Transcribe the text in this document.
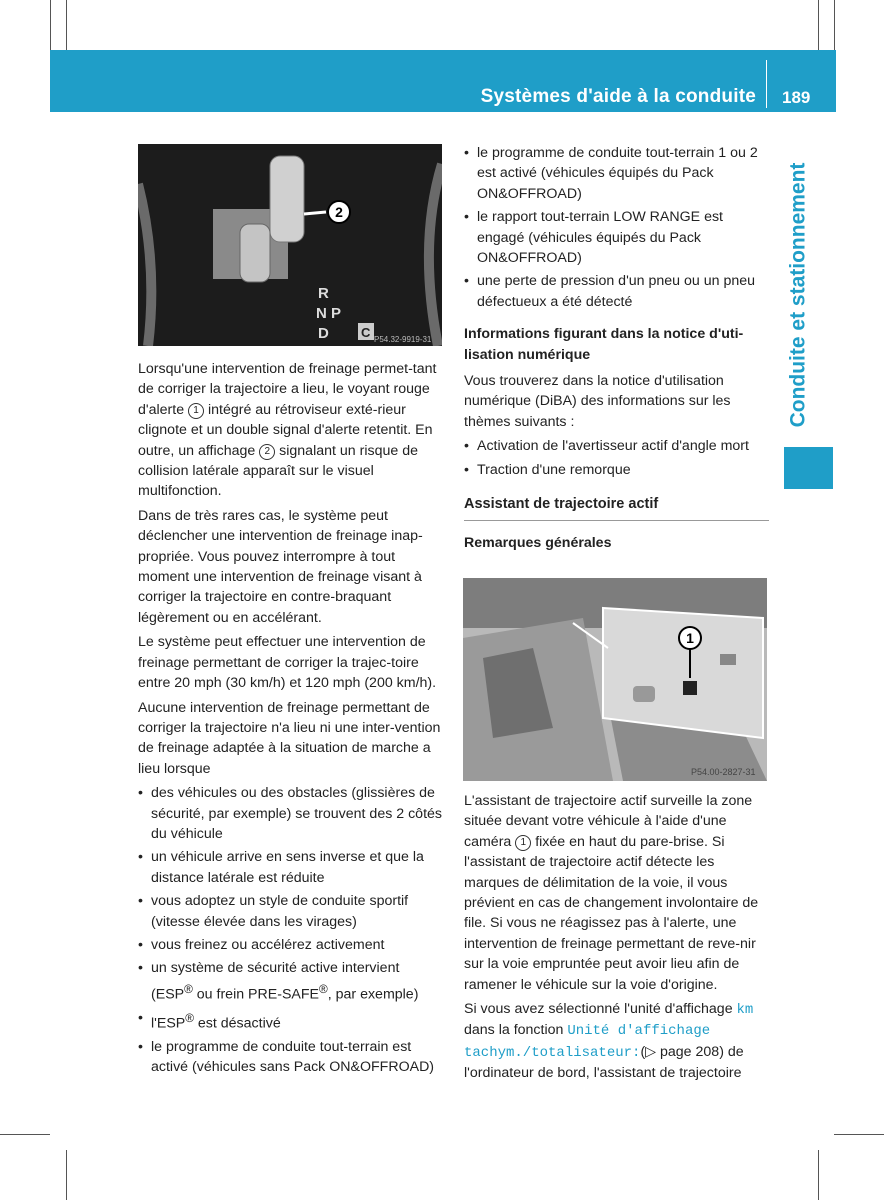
Systèmes d'aide à la conduite 189
Conduite et stationnement
2
R
N P
D C P54.32-9919-31
1
P54.00-2827-31

Lorsqu'une intervention de freinage permet-tant de corriger la trajectoire a lieu, le voyant rouge d'alerte 1 intégré au rétroviseur exté-rieur clignote et un double signal d'alerte retentit. En outre, un affichage 2 signalant un risque de collision latérale apparaît sur le visuel multifonction.

Dans de très rares cas, le système peut déclencher une intervention de freinage inap-propriée. Vous pouvez interrompre à tout moment une intervention de freinage visant à corriger la trajectoire en contre-braquant légèrement ou en accélérant.

Le système peut effectuer une intervention de freinage permettant de corriger la trajec-toire entre 20 mph (30 km/h) et 120 mph (200 km/h).

Aucune intervention de freinage permettant de corriger la trajectoire n'a lieu ni une inter-vention de freinage adaptée à la situation de marche a lieu lorsque

• des véhicules ou des obstacles (glissières de sécurité, par exemple) se trouvent des 2 côtés du véhicule
• un véhicule arrive en sens inverse et que la distance latérale est réduite
• vous adoptez un style de conduite sportif (vitesse élevée dans les virages)
• vous freinez ou accélérez activement
• un système de sécurité active intervient (ESP® ou frein PRE-SAFE®, par exemple)
• l'ESP® est désactivé
• le programme de conduite tout-terrain est activé (véhicules sans Pack ON&OFFROAD)
• le programme de conduite tout-terrain 1 ou 2 est activé (véhicules équipés du Pack ON&OFFROAD)
• le rapport tout-terrain LOW RANGE est engagé (véhicules équipés du Pack ON&OFFROAD)
• une perte de pression d'un pneu ou un pneu défectueux a été détecté
Informations figurant dans la notice d'uti-lisation numérique

Vous trouverez dans la notice d'utilisation numérique (DiBA) des informations sur les thèmes suivants :

• Activation de l'avertisseur actif d'angle mort
• Traction d'une remorque
Assistant de trajectoire actif
Remarques générales

L'assistant de trajectoire actif surveille la zone située devant votre véhicule à l'aide d'une caméra 1 fixée en haut du pare-brise. Si l'assistant de trajectoire actif détecte les marques de délimitation de la voie, il vous prévient en cas de changement involontaire de file. Si vous ne réagissez pas à l'alerte, une intervention de freinage permettant de reve-nir sur la voie empruntée peut avoir lieu afin de ramener le véhicule sur la voie d'origine.

Si vous avez sélectionné l'unité d'affichage km dans la fonction Unité d'affichage tachym./totalisateur:(▷ page 208) de l'ordinateur de bord, l'assistant de trajectoire
